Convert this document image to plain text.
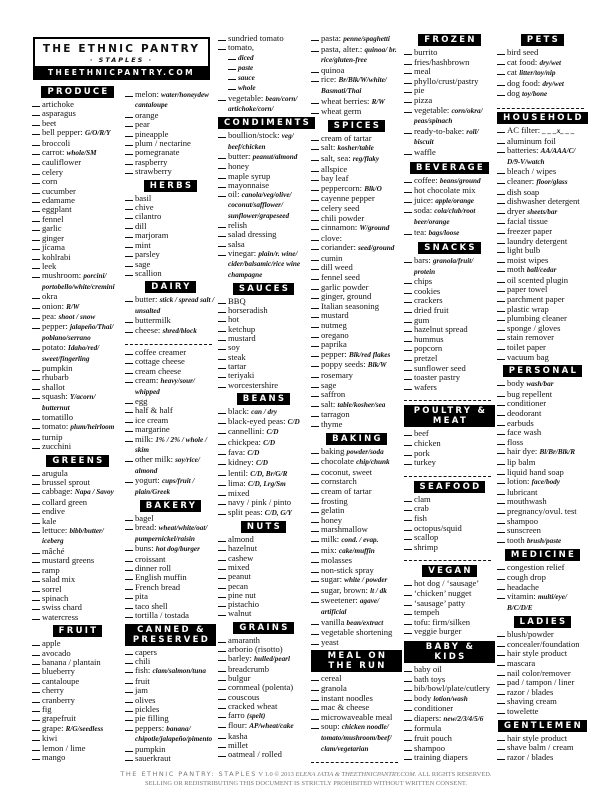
THE ETHNIC PANTRY
· STAPLES ·
THEETHNICPANTRY.COM
PRODUCE
artichoke
asparagus
beet
bell pepper: G/O/R/Y
broccoli
carrot: whole/SM
cauliflower
celery
corn
cucumber
edamame
eggplant
fennel
garlic
ginger
jícama
kohlrabi
leek
mushroom: porcini/ portobello/white/cremini
okra
onion: R/W
pea: shoot / snow
pepper: jalapeño/Thai/ poblano/serrano
potato: Idaho/red/ sweet/fingerling
pumpkin
rhubarb
shallot
squash: Y/acorn/ butternut
tomatillo
tomato: plum/heirloom
turnip
zucchini
GREENS
arugula
brussel sprout
cabbage: Napa / Savoy
collard green
endive
kale
lettuce: bibb/butter/ iceberg
mâché
mustard greens
ramp
salad mix
sorrel
spinach
swiss chard
watercress
FRUIT
apple
avocado
banana / plantain
blueberry
cantaloupe
cherry
cranberry
fig
grapefruit
grape: R/G/seedless
kiwi
lemon / lime
mango
melon: water/honeydew cantaloupe
orange
pear
pineapple
plum / nectarine
pomegranate
raspberry
strawberry
HERBS
basil
chive
cilantro
dill
marjoram
mint
parsley
sage
scallion
DAIRY
butter: stick / spread salt / unsalted
buttermilk
cheese: shred/block
coffee creamer
cottage cheese
cream cheese
cream: heavy/sour/ whipped
egg
half & half
ice cream
margarine
milk: 1% / 2% / whole / skim
other milk: soy/rice/ almond
yogurt: cups/fruit / plain/Greek
BAKERY
bagel
bread: wheat/white/oat/ pumpernickel/raisin
buns: hot dog/burger
croissant
dinner roll
English muffin
French bread
pita
taco shell
tortilla / tostada
CANNED & PRESERVED
capers
chili
fish: clam/salmon/tuna
fruit
jam
olives
pickles
pie filling
peppers: banana/ chipotle/jalapeño/pimento
pumpkin
sauerkraut
sundried tomato
tomato,
diced
paste
sauce
whole
vegetable: bean/corn/ artichoke/corn/
CONDIMENTS
boullion/stock: veg/ beef/chicken
butter: peanut/almond
honey
maple syrup
mayonnaise
oil: canola/veg/olive/ coconut/safflower/ sunflower/grapeseed
relish
salad dressing
salsa
vinegar: plain/r. wine/ cider/balsamic/rice wine champagne
SAUCES
BBQ
horseradish
hot
ketchup
mustard
soy
steak
tartar
teriyaki
worcestershire
BEANS
black: can / dry
black-eyed peas: C/D
cannellini: C/D
chickpea: C/D
fava: C/D
kidney: C/D
lentil: C/D, Br/G/R
lima: C/D, Lrg/Sm
mixed
navy / pink / pinto
split peas: C/D, G/Y
NUTS
almond
hazelnut
cashew
mixed
peanut
pecan
pine nut
pistachio
walnut
GRAINS
amaranth
arborio (risotto)
barley: hulled/pearl
breadcrumb
bulgur
cornmeal (polenta)
couscous
cracked wheat
farro (spelt)
flour: AP/wheat/cake
kasha
millet
oatmeal / rolled
pasta: penne/spaghetti
pasta, alter.: quinoa/ br. rice/gluten-free
quinoa
rice: Br/Blk/W/white/ Basmati/Thai
wheat berries: R/W
wheat germ
SPICES
cream of tartar
salt: kosher/table
salt, sea: reg/flaky
allspice
bay leaf
peppercorn: Blk/O
cayenne pepper
celery seed
chili powder
cinnamon: W/ground
clove:
coriander: seed/ground
cumin
dill weed
fennel seed
garlic powder
ginger, ground
Italian seasoning
mustard
nutmeg
oregano
paprika
pepper: Blk/red flakes
poppy seeds: Blk/W
rosemary
sage
saffron
salt: table/kosher/sea
tarragon
thyme
BAKING
baking powder/soda
chocolate chip/chunk
coconut, sweet
cornstarch
cream of tartar
frosting
gelatin
honey
marshmallow
milk: cond. / evap.
mix: cake/muffin
molasses
non-stick spray
sugar: white / powder
sugar, brown: lt / dk
sweetener: agave/ artificial
vanilla bean/extract
vegetable shortening
yeast
MEAL ON THE RUN
cereal
granola
instant noodles
mac & cheese
microwaveable meal
soup: chicken noodle/ tomato/mushroom/beef/ clam/vegetarian
FROZEN
burrito
fries/hashbrown
meal
phyllo/crust/pastry
pie
pizza
vegetable: corn/okra/ peas/spinach
ready-to-bake: roll/ biscuit
waffle
BEVERAGE
coffee: beans/ground
hot chocolate mix
juice: apple/orange
soda: cola/club/root beer/orange
tea: bags/loose
SNACKS
bars: granola/fruit/ protein
chips
cookies
crackers
dried fruit
gum
hazelnut spread
hummus
popcorn
pretzel
sunflower seed
toaster pastry
wafers
POULTRY & MEAT
beef
chicken
pork
turkey
SEAFOOD
clam
crab
fish
octopus/squid
scallop
shrimp
VEGAN
hot dog / ‘sausage’
‘chicken’ nugget
‘sausage’ patty
tempeh
tofu: firm/silken
veggie burger
BABY & KIDS
baby oil
bath toys
bib/bowl/plate/cutlery
body lotion/wash
conditioner
diapers: new/2/3/4/5/6
formula
fruit pouch
shampoo
training diapers
PETS
bird seed
cat food: dry/wet
cat litter/toy/nip
dog food: dry/wet
dog toy/bone
HOUSEHOLD
AC filter: _ _ _x_ _ _
aluminum foil
batteries: AA/AAA/C/ D/9-V/watch
bleach / wipes
cleaner: floor/glass
dish soap
dishwasher detergent
dryer sheets/bar
facial tissue
freezer paper
laundry detergent
light bulb
moist wipes
moth ball/cedar
oil scented plugin
paper towel
parchment paper
plastic wrap
plumbing cleaner
sponge / gloves
stain remover
toilet paper
vacuum bag
PERSONAL
body wash/bar
bug repellent
conditioner
deodorant
earbuds
face wash
floss
hair dye: Bl/Br/Blk/R
lip balm
liquid hand soap
lotion: face/body
lubricant
mouthwash
pregnancy/ovul. test
shampoo
sunscreen
tooth brush/paste
MEDICINE
congestion relief
cough drop
headache
vitamin: multi/eye/ B/C/D/E
LADIES
blush/powder
concealer/foundation
hair style product
mascara
nail color/remover
pad / tampon / liner
razor / blades
shaving cream
towelette
GENTLEMEN
hair style product
shave balm / cream
razor / blades
THE ETHNIC PANTRY: STAPLES V 1.0 © 2013 ELENA JATIA & THEETHNICPANTRY.COM. ALL RIGHTS RESERVED.
SELLING OR REDISTRIBUTING THIS DOCUMENT IS STRICTLY PROHIBITED WITHOUT WRITTEN CONSENT.
